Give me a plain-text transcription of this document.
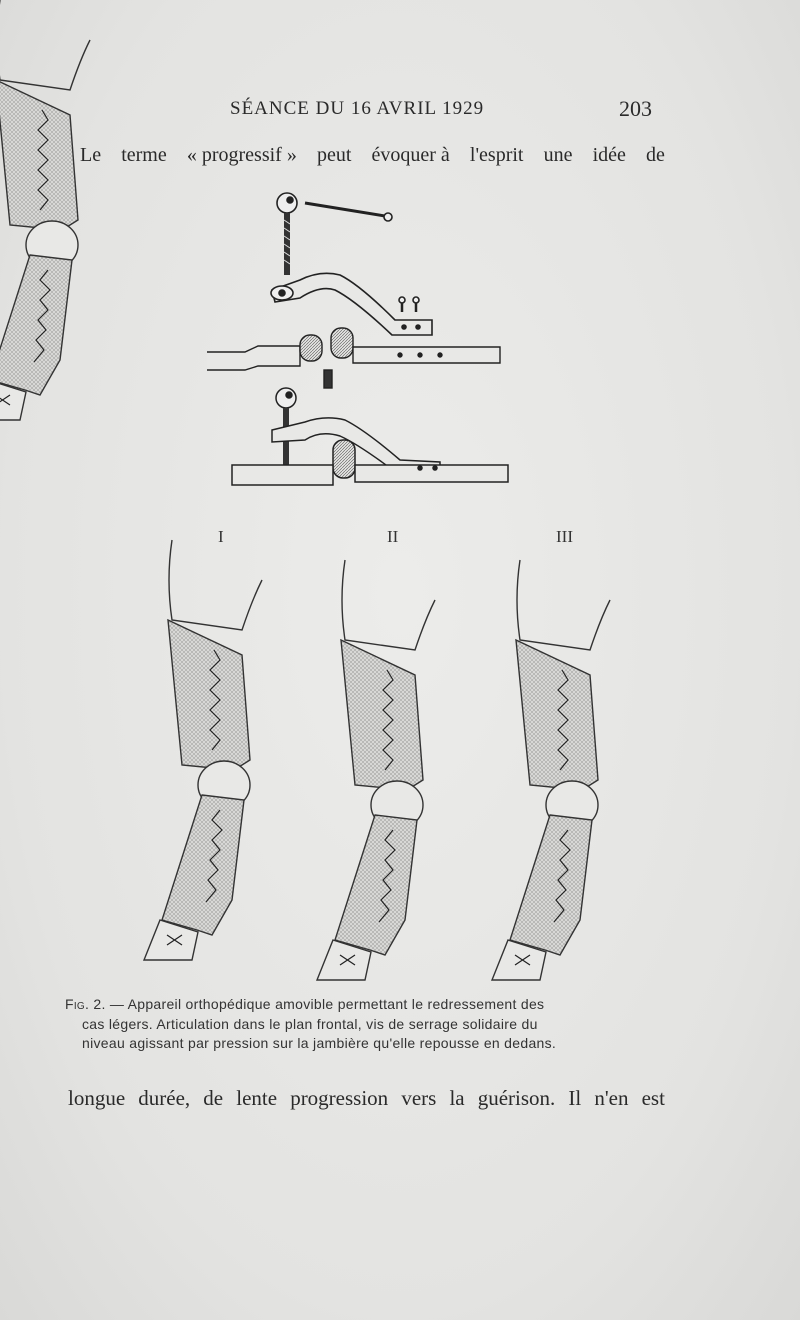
SÉANCE DU 16 AVRIL 1929	203
Le terme « progressif » peut évoquer à l'esprit une idée de
I	II	III
Fig. 2. — Appareil orthopédique amovible permettant le redressement des
cas légers. Articulation dans le plan frontal, vis de serrage solidaire du
niveau agissant par pression sur la jambière qu'elle repousse en dedans.
longue durée, de lente progression vers la guérison. Il n'en est
